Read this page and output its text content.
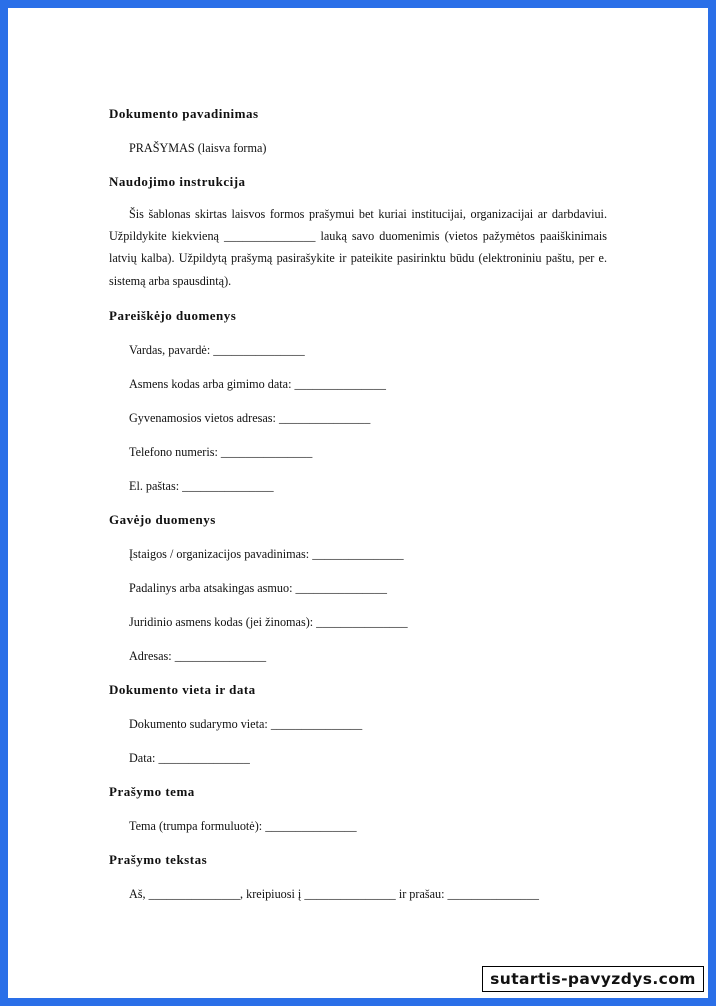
Dokumento pavadinimas

PRAŠYMAS (laisva forma)

Naudojimo instrukcija

Šis šablonas skirtas laisvos formos prašymui bet kuriai institucijai, organizacijai ar darbdaviui. Užpildykite kiekvieną _______________ lauką savo duomenimis (vietos pažymėtos paaiškinimais latvių kalba). Užpildytą prašymą pasirašykite ir pateikite pasirinktu būdu (elektroniniu paštu, per e. sistemą arba spausdintą).

Pareiškėjo duomenys

Vardas, pavardė: _______________

Asmens kodas arba gimimo data: _______________

Gyvenamosios vietos adresas: _______________

Telefono numeris: _______________

El. paštas: _______________

Gavėjo duomenys

Įstaigos / organizacijos pavadinimas: _______________

Padalinys arba atsakingas asmuo: _______________

Juridinio asmens kodas (jei žinomas): _______________

Adresas: _______________

Dokumento vieta ir data

Dokumento sudarymo vieta: _______________

Data: _______________

Prašymo tema

Tema (trumpa formuluotė): _______________

Prašymo tekstas

Aš, _______________, kreipiuosi į _______________ ir prašau: _______________

sutartis-pavyzdys.com
